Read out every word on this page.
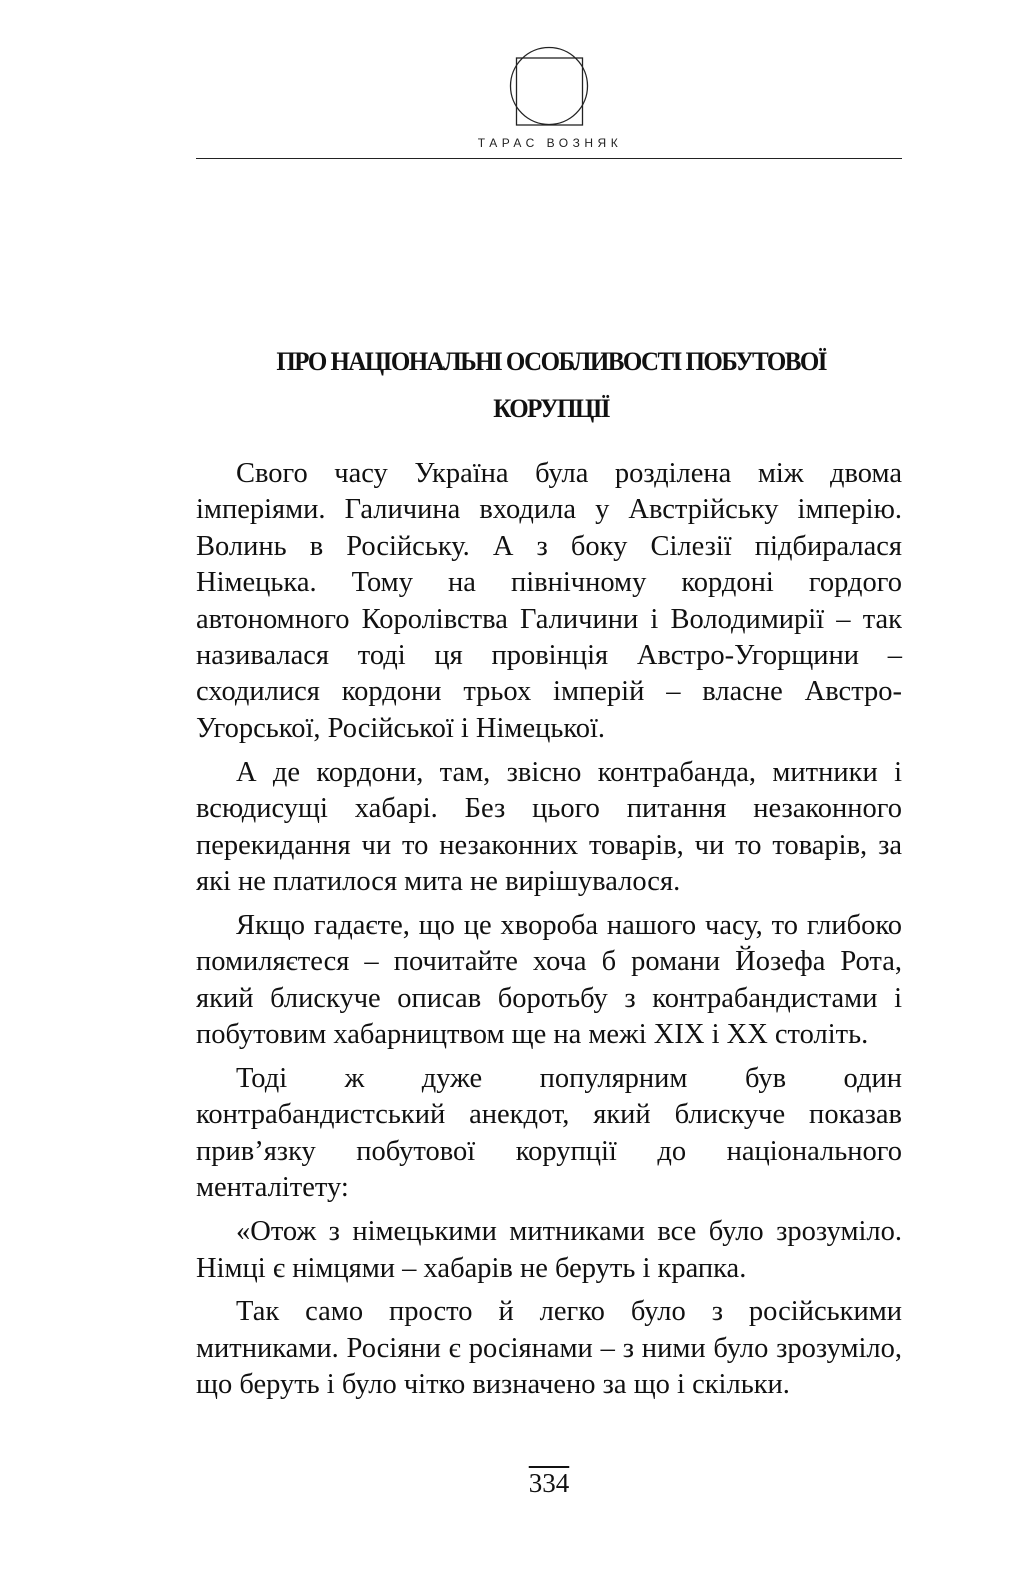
ТАРАС ВОЗНЯК
ПРО НАЦІОНАЛЬНІ ОСОБЛИВОСТІ ПОБУТОВОЇ
КОРУПЦІЇ

Свого часу Україна була розділена між двома імперіями. Галичина входила у Австрійську імперію. Волинь в Російську. А з боку Сілезії підбиралася Німецька. Тому на північному кордоні гордого автономного Королівства Галичини і Володимирії – так називалася тоді ця провінція Австро-Угорщини – сходилися кордони трьох імперій – власне Австро-Угорської, Російської і Німецької.

А де кордони, там, звісно контрабанда, митники і всюдисущі хабарі. Без цього питання незаконного перекидання чи то незаконних товарів, чи то товарів, за які не платилося мита не вирішувалося.

Якщо гадаєте, що це хвороба нашого часу, то глибоко помиляєтеся – почитайте хоча б романи Йозефа Рота, який блискуче описав боротьбу з контрабандистами і побутовим хабарництвом ще на межі XIX і XX століть.

Тоді ж дуже популярним був один контрабандистський анекдот, який блискуче показав прив’язку побутової корупції до національного менталітету:

«Отож з німецькими митниками все було зрозуміло. Німці є німцями – хабарів не беруть і крапка.

Так само просто й легко було з російськими митниками. Росіяни є росіянами – з ними було зрозуміло, що беруть і було чітко визначено за що і скільки.

334
